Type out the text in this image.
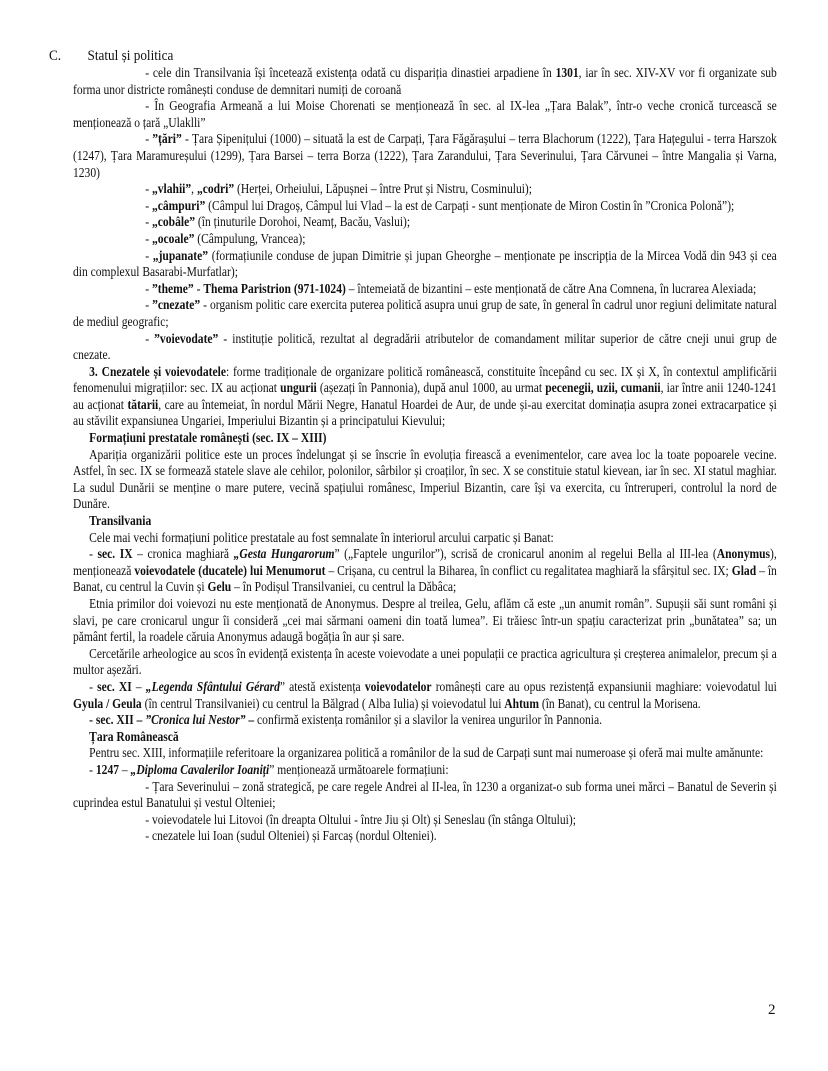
C. Statul și politica

- cele din Transilvania își încetează existența odată cu dispariția dinastiei arpadiene în 1301, iar în sec. XIV-XV vor fi organizate sub forma unor districte românești conduse de demnitari numiți de coroană

- În Geografia Armeană a lui Moise Chorenati se menționează în sec. al IX-lea „Țara Balak”, într-o veche cronică turcească se menționează o țară „Ulaklli”

- ”țări” - Țara Șipenițului (1000) – situată la est de Carpați, Țara Făgărașului – terra Blachorum (1222), Țara Hațegului - terra Harszok (1247), Țara Maramureșului (1299), Țara Barsei – terra Borza (1222), Țara Zarandului, Țara Severinului, Țara Cărvunei – între Mangalia și Varna, 1230)

- „vlahii”, „codri” (Herței, Orheiului, Lăpușnei – între Prut și Nistru, Cosminului);

- „câmpuri” (Câmpul lui Dragoș, Câmpul lui Vlad – la est de Carpați - sunt menționate de Miron Costin în ”Cronica Polonă”);

- „cobâle” (în ținuturile Dorohoi, Neamț, Bacău, Vaslui);

- „ocoale” (Câmpulung, Vrancea);

- „jupanate” (formațiunile conduse de jupan Dimitrie și jupan Gheorghe – menționate pe inscripția de la Mircea Vodă din 943 și cea din complexul Basarabi-Murfatlar);

- ”theme” - Thema Paristrion (971-1024) – întemeiată de bizantini – este menționată de către Ana Comnena, în lucrarea Alexiada;

- ”cnezate” - organism politic care exercita puterea politică asupra unui grup de sate, în general în cadrul unor regiuni delimitate natural de mediul geografic;

- ”voievodate” - instituție politică, rezultat al degradării atributelor de comandament militar superior de către cneji unui grup de cnezate.

3. Cnezatele și voievodatele: forme tradiționale de organizare politică românească, constituite începând cu sec. IX și X, în contextul amplificării fenomenului migrațiilor: sec. IX au acționat ungurii (așezați în Pannonia), după anul 1000, au urmat pecenegii, uzii, cumanii, iar între anii 1240-1241 au acționat tătarii, care au întemeiat, în nordul Mării Negre, Hanatul Hoardei de Aur, de unde și-au exercitat dominația asupra zonei extracarpatice și au stăvilit expansiunea Ungariei, Imperiului Bizantin și a principatului Kievului;

Formațiuni prestatale românești (sec. IX – XIII)

Apariția organizării politice este un proces îndelungat și se înscrie în evoluția firească a evenimentelor, care avea loc la toate popoarele vecine. Astfel, în sec. IX se formează statele slave ale cehilor, polonilor, sârbilor și croaților, în sec. X se constituie statul kievean, iar în sec. XI statul maghiar. La sudul Dunării se menține o mare putere, vecină spațiului românesc, Imperiul Bizantin, care își va exercita, cu întreruperi, controlul la nord de Dunăre.

Transilvania

Cele mai vechi formațiuni politice prestatale au fost semnalate în interiorul arcului carpatic și Banat:

- sec. IX – cronica maghiară „Gesta Hungarorum” („Faptele ungurilor”), scrisă de cronicarul anonim al regelui Bella al III-lea (Anonymus), menționează voievodatele (ducatele) lui Menumorut – Crișana, cu centrul la Biharea, în conflict cu regalitatea maghiară la sfârșitul sec. IX; Glad – în Banat, cu centrul la Cuvin și Gelu – în Podișul Transilvaniei, cu centrul la Dăbâca;

Etnia primilor doi voievozi nu este menționată de Anonymus. Despre al treilea, Gelu, aflăm că este „un anumit român”. Supușii săi sunt români și slavi, pe care cronicarul ungur îi consideră „cei mai sărmani oameni din toată lumea”. Ei trăiesc într-un spațiu caracterizat prin „bunătatea” sa; un pământ fertil, la roadele căruia Anonymus adaugă bogăția în aur și sare.

Cercetările arheologice au scos în evidență existența în aceste voievodate a unei populații ce practica agricultura și creșterea animalelor, precum și a multor așezări.

- sec. XI – „Legenda Sfântului Gérard” atestă existența voievodatelor românești care au opus rezistență expansiunii maghiare: voievodatul lui Gyula / Geula (în centrul Transilvaniei) cu centrul la Bălgrad ( Alba Iulia) și voievodatul lui Ahtum (în Banat), cu centrul la Morisena.

- sec. XII – ”Cronica lui Nestor” – confirmă existența românilor și a slavilor la venirea ungurilor în Pannonia.

Țara Românească

Pentru sec. XIII, informațiile referitoare la organizarea politică a românilor de la sud de Carpați sunt mai numeroase și oferă mai multe amănunte:

- 1247 – „Diploma Cavalerilor Ioaniți” menționează următoarele formațiuni:

- Țara Severinului – zonă strategică, pe care regele Andrei al II-lea, în 1230 a organizat-o sub forma unei mărci – Banatul de Severin și cuprindea estul Banatului și vestul Olteniei;

- voievodatele lui Litovoi (în dreapta Oltului - între Jiu și Olt) și Seneslau (în stânga Oltului);

- cnezatele lui Ioan (sudul Olteniei) și Farcaș (nordul Olteniei).

2
